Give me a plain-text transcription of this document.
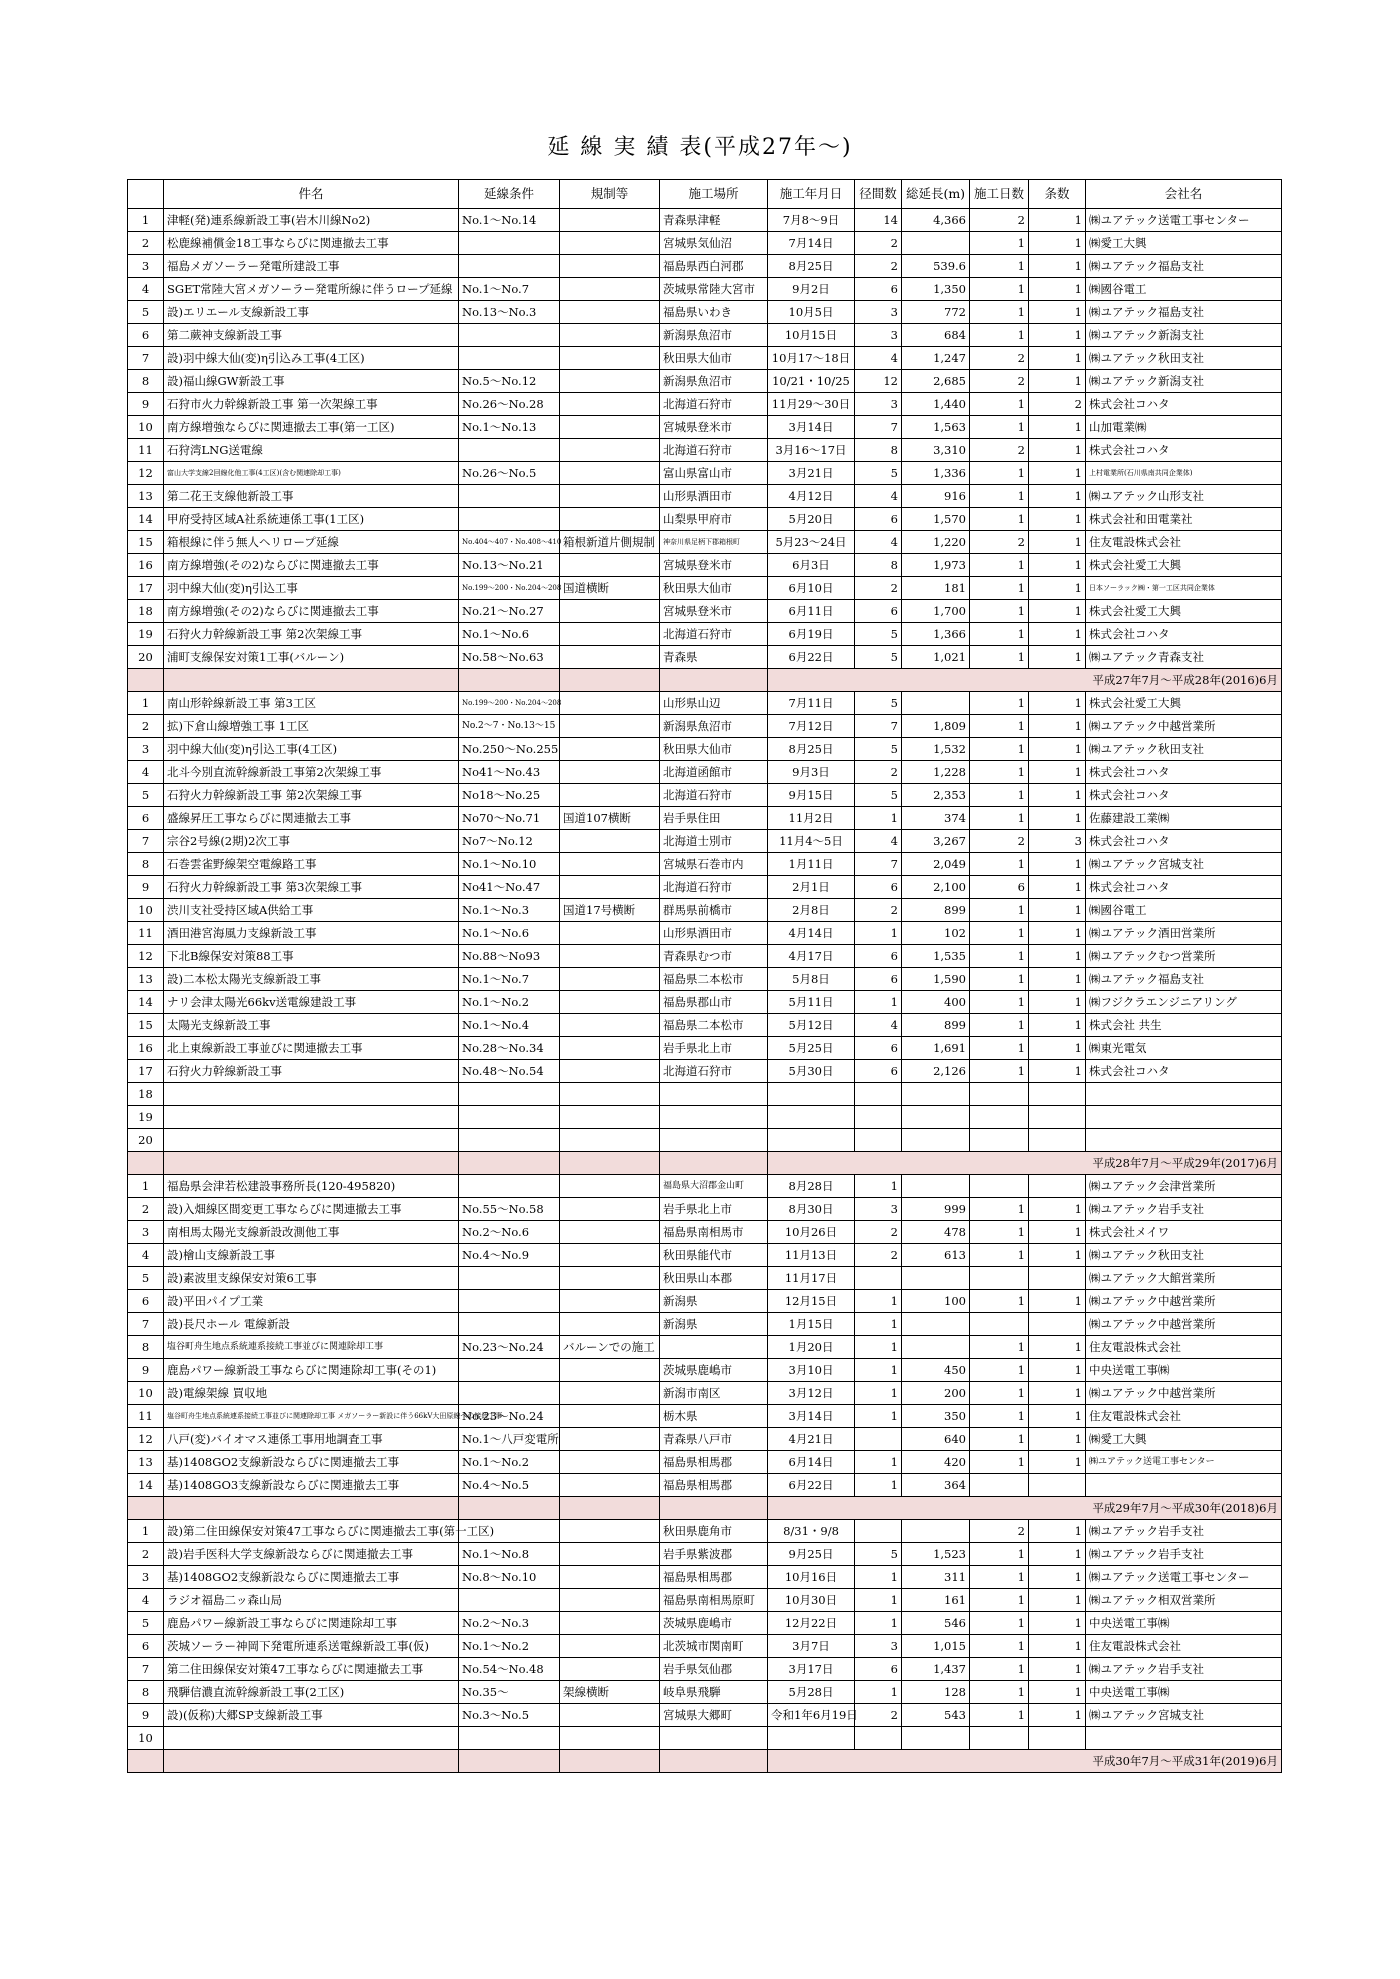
延 線 実 績 表(平成27年〜)
	件名	延線条件	規制等	施工場所	施工年月日	径間数	総延長(m)	施工日数	条数	会社名
1	津軽(発)連系線新設工事(岩木川線No2)	No.1〜No.14		青森県津軽	7月8〜9日	14	4,366	2	1	㈱ユアテック送電工事センター
2	松鹿線補償金18工事ならびに関連撤去工事			宮城県気仙沼	7月14日	2		1	1	㈱愛工大興
3	福島メガソーラー発電所建設工事			福島県西白河郡	8月25日	2	539.6	1	1	㈱ユアテック福島支社
4	SGET常陸大宮メガソーラー発電所線に伴うロープ延線	No.1〜No.7		茨城県常陸大宮市	9月2日	6	1,350	1	1	㈱國谷電工
5	設)エリエール支線新設工事	No.13〜No.3		福島県いわき	10月5日	3	772	1	1	㈱ユアテック福島支社
6	第二蕨神支線新設工事			新潟県魚沼市	10月15日	3	684	1	1	㈱ユアテック新潟支社
7	設)羽中線大仙(変)η引込み工事(4工区)			秋田県大仙市	10月17〜18日	4	1,247	2	1	㈱ユアテック秋田支社
8	設)福山線GW新設工事	No.5〜No.12		新潟県魚沼市	10/21・10/25	12	2,685	2	1	㈱ユアテック新潟支社
9	石狩市火力幹線新設工事 第一次架線工事	No.26〜No.28		北海道石狩市	11月29〜30日	3	1,440	1	2	株式会社コハタ
10	南方線増強ならびに関連撤去工事(第一工区)	No.1〜No.13		宮城県登米市	3月14日	7	1,563	1	1	山加電業㈱
11	石狩湾LNG送電線			北海道石狩市	3月16〜17日	8	3,310	2	1	株式会社コハタ
12	富山大学支線2回線化他工事(4工区)(含む関連除却工事)	No.26〜No.5		富山県富山市	3月21日	5	1,336	1	1	上村電業所(石川県南共同企業体)
13	第二花王支線他新設工事			山形県酒田市	4月12日	4	916	1	1	㈱ユアテック山形支社
14	甲府受持区域A社系統連係工事(1工区)			山梨県甲府市	5月20日	6	1,570	1	1	株式会社和田電業社
15	箱根線に伴う無人ヘリロープ延線	No.404〜407・No.408〜410	箱根新道片側規制	神奈川県足柄下郡箱根町	5月23〜24日	4	1,220	2	1	住友電設株式会社
16	南方線増強(その2)ならびに関連撤去工事	No.13〜No.21		宮城県登米市	6月3日	8	1,973	1	1	株式会社愛工大興
17	羽中線大仙(変)η引込工事	No.199〜200・No.204〜208	国道横断	秋田県大仙市	6月10日	2	181	1	1	日本ソーラック㈱・第一工区共同企業体
18	南方線増強(その2)ならびに関連撤去工事	No.21〜No.27		宮城県登米市	6月11日	6	1,700	1	1	株式会社愛工大興
19	石狩火力幹線新設工事 第2次架線工事	No.1〜No.6		北海道石狩市	6月19日	5	1,366	1	1	株式会社コハタ
20	浦町支線保安対策1工事(バルーン)	No.58〜No.63		青森県	6月22日	5	1,021	1	1	㈱ユアテック青森支社
					平成27年7月〜平成28年(2016)6月					
1	南山形幹線新設工事 第3工区	No.199〜200・No.204〜208		山形県山辺	7月11日	5		1	1	株式会社愛工大興
2	拡)下倉山線増強工事 1工区	No.2〜7・No.13〜15		新潟県魚沼市	7月12日	7	1,809	1	1	㈱ユアテック中越営業所
3	羽中線大仙(変)η引込工事(4工区)	No.250〜No.255		秋田県大仙市	8月25日	5	1,532	1	1	㈱ユアテック秋田支社
4	北斗今別直流幹線新設工事第2次架線工事	No41〜No.43		北海道函館市	9月3日	2	1,228	1	1	株式会社コハタ
5	石狩火力幹線新設工事 第2次架線工事	No18〜No.25		北海道石狩市	9月15日	5	2,353	1	1	株式会社コハタ
6	盛線昇圧工事ならびに関連撤去工事	No70〜No.71	国道107横断	岩手県住田	11月2日	1	374	1	1	佐藤建設工業㈱
7	宗谷2号線(2期)2次工事	No7〜No.12		北海道士別市	11月4〜5日	4	3,267	2	3	株式会社コハタ
8	石巻雲雀野線架空電線路工事	No.1〜No.10		宮城県石巻市内	1月11日	7	2,049	1	1	㈱ユアテック宮城支社
9	石狩火力幹線新設工事 第3次架線工事	No41〜No.47		北海道石狩市	2月1日	6	2,100	6	1	株式会社コハタ
10	渋川支社受持区域A供給工事	No.1〜No.3	国道17号横断	群馬県前橋市	2月8日	2	899	1	1	㈱國谷電工
11	酒田港宮海風力支線新設工事	No.1〜No.6		山形県酒田市	4月14日	1	102	1	1	㈱ユアテック酒田営業所
12	下北B線保安対策88工事	No.88〜No93		青森県むつ市	4月17日	6	1,535	1	1	㈱ユアテックむつ営業所
13	設)二本松太陽光支線新設工事	No.1〜No.7		福島県二本松市	5月8日	6	1,590	1	1	㈱ユアテック福島支社
14	ナリ会津太陽光66kv送電線建設工事	No.1〜No.2		福島県郡山市	5月11日	1	400	1	1	㈱フジクラエンジニアリング
15	太陽光支線新設工事	No.1〜No.4		福島県二本松市	5月12日	4	899	1	1	株式会社 共生
16	北上東線新設工事並びに関連撤去工事	No.28〜No.34		岩手県北上市	5月25日	6	1,691	1	1	㈱東光電気
17	石狩火力幹線新設工事	No.48〜No.54		北海道石狩市	5月30日	6	2,126	1	1	株式会社コハタ
18										
19										
20										
					平成28年7月〜平成29年(2017)6月					
1	福島県会津若松建設事務所長(120-495820)			福島県大沼郡金山町	8月28日	1				㈱ユアテック会津営業所
2	設)入畑線区間変更工事ならびに関連撤去工事	No.55〜No.58		岩手県北上市	8月30日	3	999	1	1	㈱ユアテック岩手支社
3	南相馬太陽光支線新設改測他工事	No.2〜No.6		福島県南相馬市	10月26日	2	478	1	1	株式会社メイワ
4	設)檜山支線新設工事	No.4〜No.9		秋田県能代市	11月13日	2	613	1	1	㈱ユアテック秋田支社
5	設)素波里支線保安対策6工事			秋田県山本郡	11月17日					㈱ユアテック大館営業所
6	設)平田パイプ工業			新潟県	12月15日	1	100	1	1	㈱ユアテック中越営業所
7	設)長尺ホール 電線新設			新潟県	1月15日	1				㈱ユアテック中越営業所
8	塩谷町舟生地点系統連系接続工事並びに関連除却工事	No.23〜No.24	バルーンでの施工		1月20日	1		1	1	住友電設株式会社
9	鹿島パワー線新設工事ならびに関連除却工事(その1)			茨城県鹿嶋市	3月10日	1	450	1	1	中央送電工事㈱
10	設)電線架線 買収地			新潟市南区	3月12日	1	200	1	1	㈱ユアテック中越営業所
11	塩谷町舟生地点系統連系接続工事並びに関連除却工事 メガソーラー新設に伴う66kV大田原線への接続工事	No.23〜No.24		栃木県	3月14日	1	350	1	1	住友電設株式会社
12	八戸(変)バイオマス連係工事用地調査工事	No.1〜八戸変電所		青森県八戸市	4月21日		640	1	1	㈱愛工大興
13	基)1408GO2支線新設ならびに関連撤去工事	No.1〜No.2		福島県相馬郡	6月14日	1	420	1	1	㈱ユアテック送電工事センター
14	基)1408GO3支線新設ならびに関連撤去工事	No.4〜No.5		福島県相馬郡	6月22日	1	364			
					平成29年7月〜平成30年(2018)6月					
1	設)第二住田線保安対策47工事ならびに関連撤去工事(第一工区)			秋田県鹿角市	8/31・9/8			2	1	㈱ユアテック岩手支社
2	設)岩手医科大学支線新設ならびに関連撤去工事	No.1〜No.8		岩手県紫波郡	9月25日	5	1,523	1	1	㈱ユアテック岩手支社
3	基)1408GO2支線新設ならびに関連撤去工事	No.8〜No.10		福島県相馬郡	10月16日	1	311	1	1	㈱ユアテック送電工事センター
4	ラジオ福島二ッ森山局			福島県南相馬原町	10月30日	1	161	1	1	㈱ユアテック相双営業所
5	鹿島パワー線新設工事ならびに関連除却工事	No.2〜No.3		茨城県鹿嶋市	12月22日	1	546	1	1	中央送電工事㈱
6	茨城ソーラー神岡下発電所連系送電線新設工事(仮)	No.1〜No.2		北茨城市関南町	3月7日	3	1,015	1	1	住友電設株式会社
7	第二住田線保安対策47工事ならびに関連撤去工事	No.54〜No.48		岩手県気仙郡	3月17日	6	1,437	1	1	㈱ユアテック岩手支社
8	飛騨信濃直流幹線新設工事(2工区)	No.35〜	架線横断	岐阜県飛騨	5月28日	1	128	1	1	中央送電工事㈱
9	設)(仮称)大郷SP支線新設工事	No.3〜No.5		宮城県大郷町	令和1年6月19日	2	543	1	1	㈱ユアテック宮城支社
10										
					平成30年7月〜平成31年(2019)6月					
